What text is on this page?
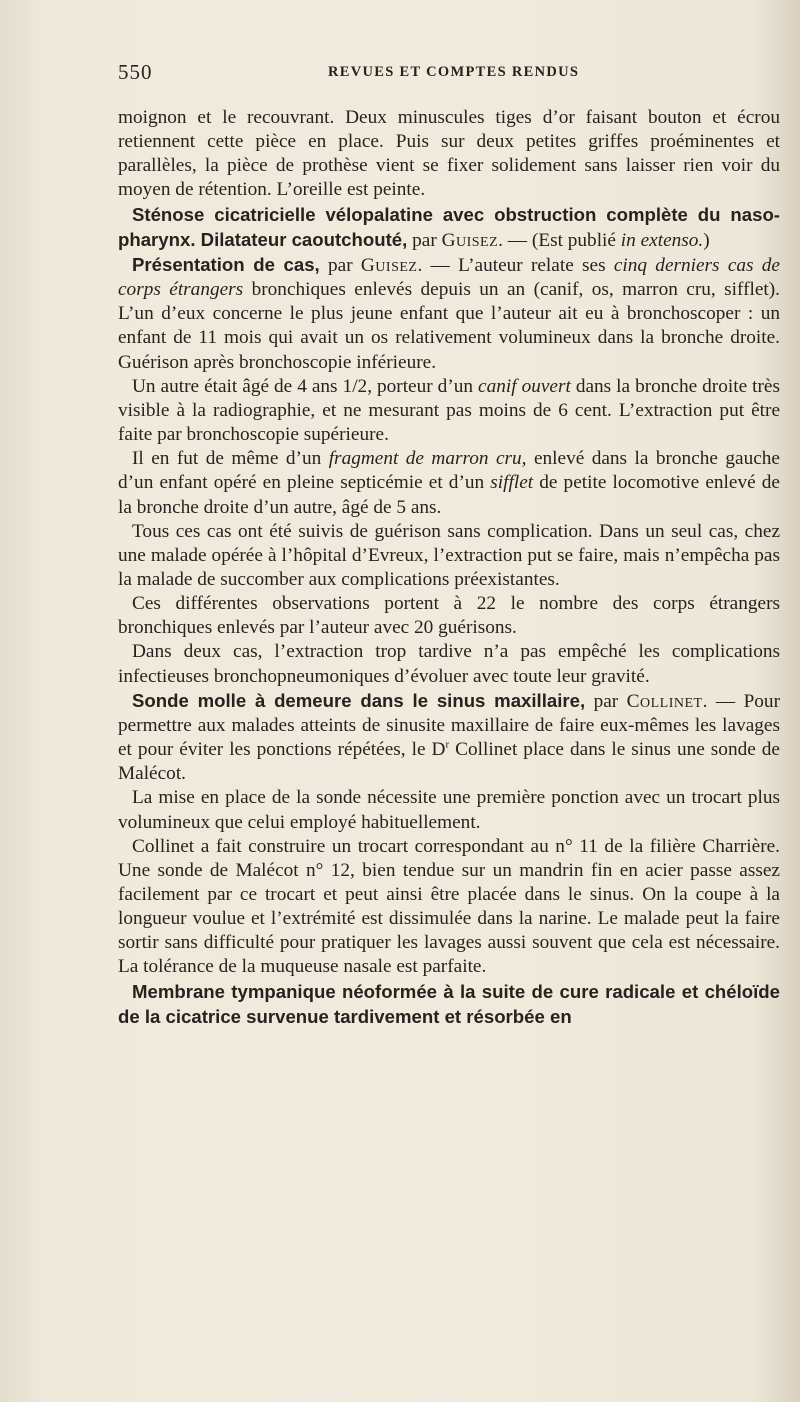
550	REVUES ET COMPTES RENDUS

moignon et le recouvrant. Deux minuscules tiges d’or faisant bouton et écrou retiennent cette pièce en place. Puis sur deux petites griffes proéminentes et parallèles, la pièce de prothèse vient se fixer solidement sans laisser rien voir du moyen de rétention. L’oreille est peinte.

Sténose cicatricielle vélopalatine avec obstruction complète du naso-pharynx. Dilatateur caoutchouté, par Guisez. — (Est publié in extenso.)

Présentation de cas, par Guisez. — L’auteur relate ses cinq derniers cas de corps étrangers bronchiques enlevés depuis un an (canif, os, marron cru, sifflet). L’un d’eux concerne le plus jeune enfant que l’auteur ait eu à bronchoscoper : un enfant de 11 mois qui avait un os relativement volumineux dans la bronche droite. Guérison après bronchoscopie inférieure.

Un autre était âgé de 4 ans 1/2, porteur d’un canif ouvert dans la bronche droite très visible à la radiographie, et ne mesurant pas moins de 6 cent. L’extraction put être faite par bronchoscopie supérieure.

Il en fut de même d’un fragment de marron cru, enlevé dans la bronche gauche d’un enfant opéré en pleine septicémie et d’un sifflet de petite locomotive enlevé de la bronche droite d’un autre, âgé de 5 ans.

Tous ces cas ont été suivis de guérison sans complication. Dans un seul cas, chez une malade opérée à l’hôpital d’Evreux, l’extraction put se faire, mais n’empêcha pas la malade de succomber aux complications préexistantes.

Ces différentes observations portent à 22 le nombre des corps étrangers bronchiques enlevés par l’auteur avec 20 guérisons.

Dans deux cas, l’extraction trop tardive n’a pas empêché les complications infectieuses bronchopneumoniques d’évoluer avec toute leur gravité.

Sonde molle à demeure dans le sinus maxillaire, par Collinet. — Pour permettre aux malades atteints de sinusite maxillaire de faire eux-mêmes les lavages et pour éviter les ponctions répétées, le $D^r$ Collinet place dans le sinus une sonde de Malécot.

La mise en place de la sonde nécessite une première ponction avec un trocart plus volumineux que celui employé habituellement.

Collinet a fait construire un trocart correspondant au n° 11 de la filière Charrière. Une sonde de Malécot n° 12, bien tendue sur un mandrin fin en acier passe assez facilement par ce trocart et peut ainsi être placée dans le sinus. On la coupe à la longueur voulue et l’extrémité est dissimulée dans la narine. Le malade peut la faire sortir sans difficulté pour pratiquer les lavages aussi souvent que cela est nécessaire. La tolérance de la muqueuse nasale est parfaite.

Membrane tympanique néoformée à la suite de cure radicale et chéloïde de la cicatrice survenue tardivement et résorbée en
